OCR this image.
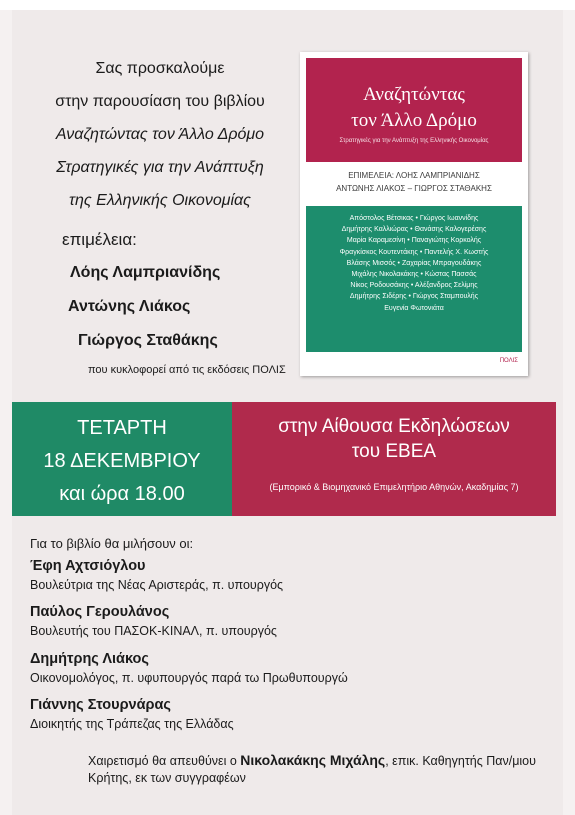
Σας προσκαλούμε
στην παρουσίαση του βιβλίου
Αναζητώντας τον Άλλο Δρόμο
Στρατηγικές για την Ανάπτυξη
της Ελληνικής Οικονομίας
επιμέλεια:
Λόης Λαμπριανίδης
Αντώνης Λιάκος
Γιώργος Σταθάκης
που κυκλοφορεί από τις εκδόσεις ΠΟΛΙΣ
Αναζητώντας
τον Άλλο Δρόμο
Στρατηγικές για την Ανάπτυξη της Ελληνικής Οικονομίας
ΕΠΙΜΕΛΕΙΑ: ΛΟΗΣ ΛΑΜΠΡΙΑΝΙΔΗΣ
ΑΝΤΩΝΗΣ ΛΙΑΚΟΣ – ΓΙΩΡΓΟΣ ΣΤΑΘΑΚΗΣ
Απόστολος Βέτσικας • Γιώργος Ιωαννίδης
Δημήτρης Καλλιώρας • Θανάσης Καλογερέσης
Μαρία Καραμεσίνη • Παναγιώτης Κορκολής
Φραγκίσκος Κουτεντάκης • Παντελής Χ. Κωστής
Βλάσης Μισσός • Ζαχαρίας Μπραγουδάκης
Μιχάλης Νικολακάκης • Κώστας Πασσάς
Νίκος Ροδουσάκης • Αλέξανδρος Σελίμης
Δημήτρης Σιδέρης • Γιώργος Σταμπουλής
Ευγενία Φωτονιάτα
ΠΟΛΙΣ
ΤΕΤΑΡΤΗ
18 ΔΕΚΕΜΒΡΙΟΥ
και ώρα 18.00
στην Αίθουσα Εκδηλώσεων
του ΕΒΕΑ
(Εμπορικό & Βιομηχανικό Επιμελητήριο Αθηνών, Ακαδημίας 7)
Για το βιβλίο θα μιλήσουν οι:
Έφη Αχτσιόγλου
Βουλεύτρια της Νέας Αριστεράς, π. υπουργός
Παύλος Γερουλάνος
Βουλευτής του ΠΑΣΟΚ-ΚΙΝΑΛ, π. υπουργός
Δημήτρης Λιάκος
Οικονομολόγος, π. υφυπουργός παρά τω Πρωθυπουργώ
Γιάννης Στουρνάρας
Διοικητής της Τράπεζας της Ελλάδας
Χαιρετισμό θα απευθύνει ο Νικολακάκης Μιχάλης, επικ. Καθηγητής Παν/μιου Κρήτης, εκ των συγγραφέων
